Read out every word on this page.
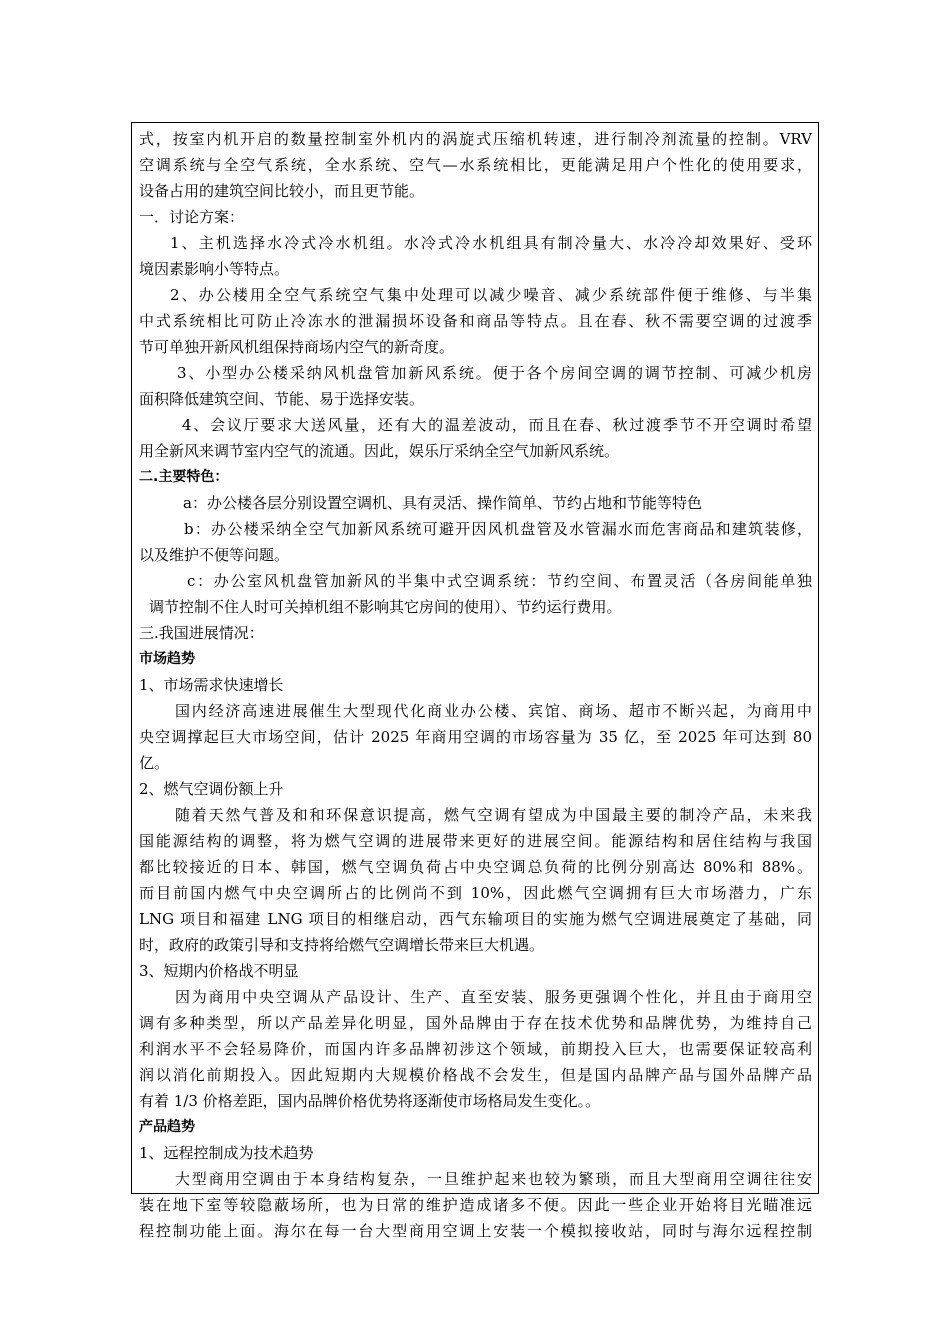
式，按室内机开启的数量控制室外机内的涡旋式压缩机转速，进行制冷剂流量的控制。VRV
空调系统与全空气系统，全水系统、空气—水系统相比，更能满足用户个性化的使用要求，
设备占用的建筑空间比较小，而且更节能。
一．讨论方案：
1、主机选择水冷式冷水机组。水冷式冷水机组具有制冷量大、水冷冷却效果好、受环
境因素影响小等特点。
2、办公楼用全空气系统空气集中处理可以减少噪音、减少系统部件便于维修、与半集
中式系统相比可防止冷冻水的泄漏损坏设备和商品等特点。且在春、秋不需要空调的过渡季
节可单独开新风机组保持商场内空气的新奇度。
3、小型办公楼采纳风机盘管加新风系统。便于各个房间空调的调节控制、可减少机房
面积降低建筑空间、节能、易于选择安装。
4、会议厅要求大送风量，还有大的温差波动，而且在春、秋过渡季节不开空调时希望
用全新风来调节室内空气的流通。因此，娱乐厅采纳全空气加新风系统。
二.主要特色：
a：办公楼各层分别设置空调机、具有灵活、操作简单、节约占地和节能等特色
b：办公楼采纳全空气加新风系统可避开因风机盘管及水管漏水而危害商品和建筑装修，
以及维护不便等问题。
c：办公室风机盘管加新风的半集中式空调系统：节约空间、布置灵活（各房间能单独
调节控制不住人时可关掉机组不影响其它房间的使用）、节约运行费用。
三.我国进展情况：
市场趋势
1、市场需求快速增长
国内经济高速进展催生大型现代化商业办公楼、宾馆、商场、超市不断兴起，为商用中
央空调撑起巨大市场空间，估计 2025 年商用空调的市场容量为 35 亿，至 2025 年可达到 80
亿。
2、燃气空调份额上升
随着天然气普及和和环保意识提高，燃气空调有望成为中国最主要的制冷产品，未来我
国能源结构的调整，将为燃气空调的进展带来更好的进展空间。能源结构和居住结构与我国
都比较接近的日本、韩国，燃气空调负荷占中央空调总负荷的比例分别高达 80%和 88%。
而目前国内燃气中央空调所占的比例尚不到 10%，因此燃气空调拥有巨大市场潜力，广东
LNG 项目和福建 LNG 项目的相继启动，西气东输项目的实施为燃气空调进展奠定了基础，同
时，政府的政策引导和支持将给燃气空调增长带来巨大机遇。
3、短期内价格战不明显
因为商用中央空调从产品设计、生产、直至安装、服务更强调个性化，并且由于商用空
调有多种类型，所以产品差异化明显，国外品牌由于存在技术优势和品牌优势，为维持自己
利润水平不会轻易降价，而国内许多品牌初涉这个领域，前期投入巨大，也需要保证较高利
润以消化前期投入。因此短期内大规模价格战不会发生，但是国内品牌产品与国外品牌产品
有着 1/3 价格差距，国内品牌价格优势将逐渐使市场格局发生变化。。
产品趋势
1、远程控制成为技术趋势
大型商用空调由于本身结构复杂，一旦维护起来也较为繁琐，而且大型商用空调往往安
装在地下室等较隐蔽场所，也为日常的维护造成诸多不便。因此一些企业开始将目光瞄准远
程控制功能上面。海尔在每一台大型商用空调上安装一个模拟接收站，同时与海尔远程控制
